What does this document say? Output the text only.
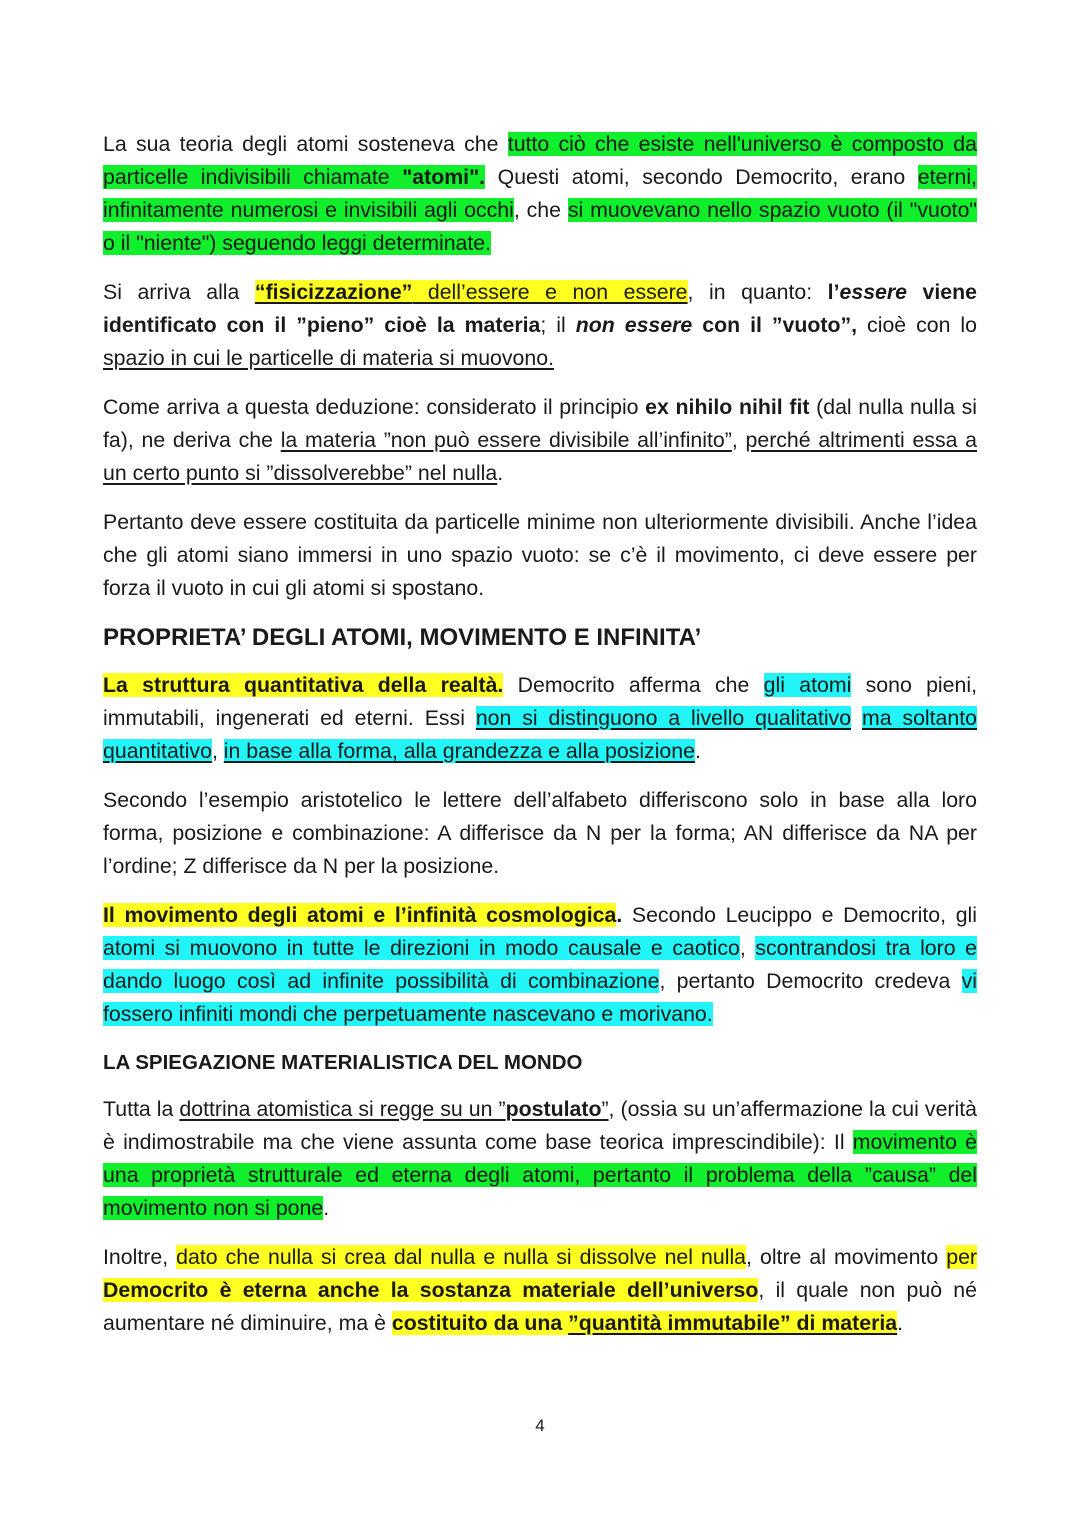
La sua teoria degli atomi sosteneva che tutto ciò che esiste nell'universo è composto da particelle indivisibili chiamate "atomi". Questi atomi, secondo Democrito, erano eterni, infinitamente numerosi e invisibili agli occhi, che si muovevano nello spazio vuoto (il "vuoto" o il "niente") seguendo leggi determinate.

Si arriva alla “fisicizzazione” dell’essere e non essere, in quanto: l’essere viene identificato con il ”pieno” cioè la materia; il non essere con il ”vuoto”, cioè con lo spazio in cui le particelle di materia si muovono.

Come arriva a questa deduzione: considerato il principio ex nihilo nihil fit (dal nulla nulla si fa), ne deriva che la materia ”non può essere divisibile all’infinito”, perché altrimenti essa a un certo punto si ”dissolverebbe” nel nulla.

Pertanto deve essere costituita da particelle minime non ulteriormente divisibili. Anche l’idea che gli atomi siano immersi in uno spazio vuoto: se c’è il movimento, ci deve essere per forza il vuoto in cui gli atomi si spostano.

PROPRIETA’ DEGLI ATOMI, MOVIMENTO E INFINITA’

La struttura quantitativa della realtà. Democrito afferma che gli atomi sono pieni, immutabili, ingenerati ed eterni. Essi non si distinguono a livello qualitativo ma soltanto quantitativo, in base alla forma, alla grandezza e alla posizione.

Secondo l’esempio aristotelico le lettere dell’alfabeto differiscono solo in base alla loro forma, posizione e combinazione: A differisce da N per la forma; AN differisce da NA per l’ordine; Z differisce da N per la posizione.

Il movimento degli atomi e l’infinità cosmologica. Secondo Leucippo e Democrito, gli atomi si muovono in tutte le direzioni in modo causale e caotico, scontrandosi tra loro e dando luogo così ad infinite possibilità di combinazione, pertanto Democrito credeva vi fossero infiniti mondi che perpetuamente nascevano e morivano.

LA SPIEGAZIONE MATERIALISTICA DEL MONDO

Tutta la dottrina atomistica si regge su un ”postulato”, (ossia su un’affermazione la cui verità è indimostrabile ma che viene assunta come base teorica imprescindibile): Il movimento è una proprietà strutturale ed eterna degli atomi, pertanto il problema della ”causa” del movimento non si pone.

Inoltre, dato che nulla si crea dal nulla e nulla si dissolve nel nulla, oltre al movimento per Democrito è eterna anche la sostanza materiale dell’universo, il quale non può né aumentare né diminuire, ma è costituito da una ”quantità immutabile” di materia.

4
